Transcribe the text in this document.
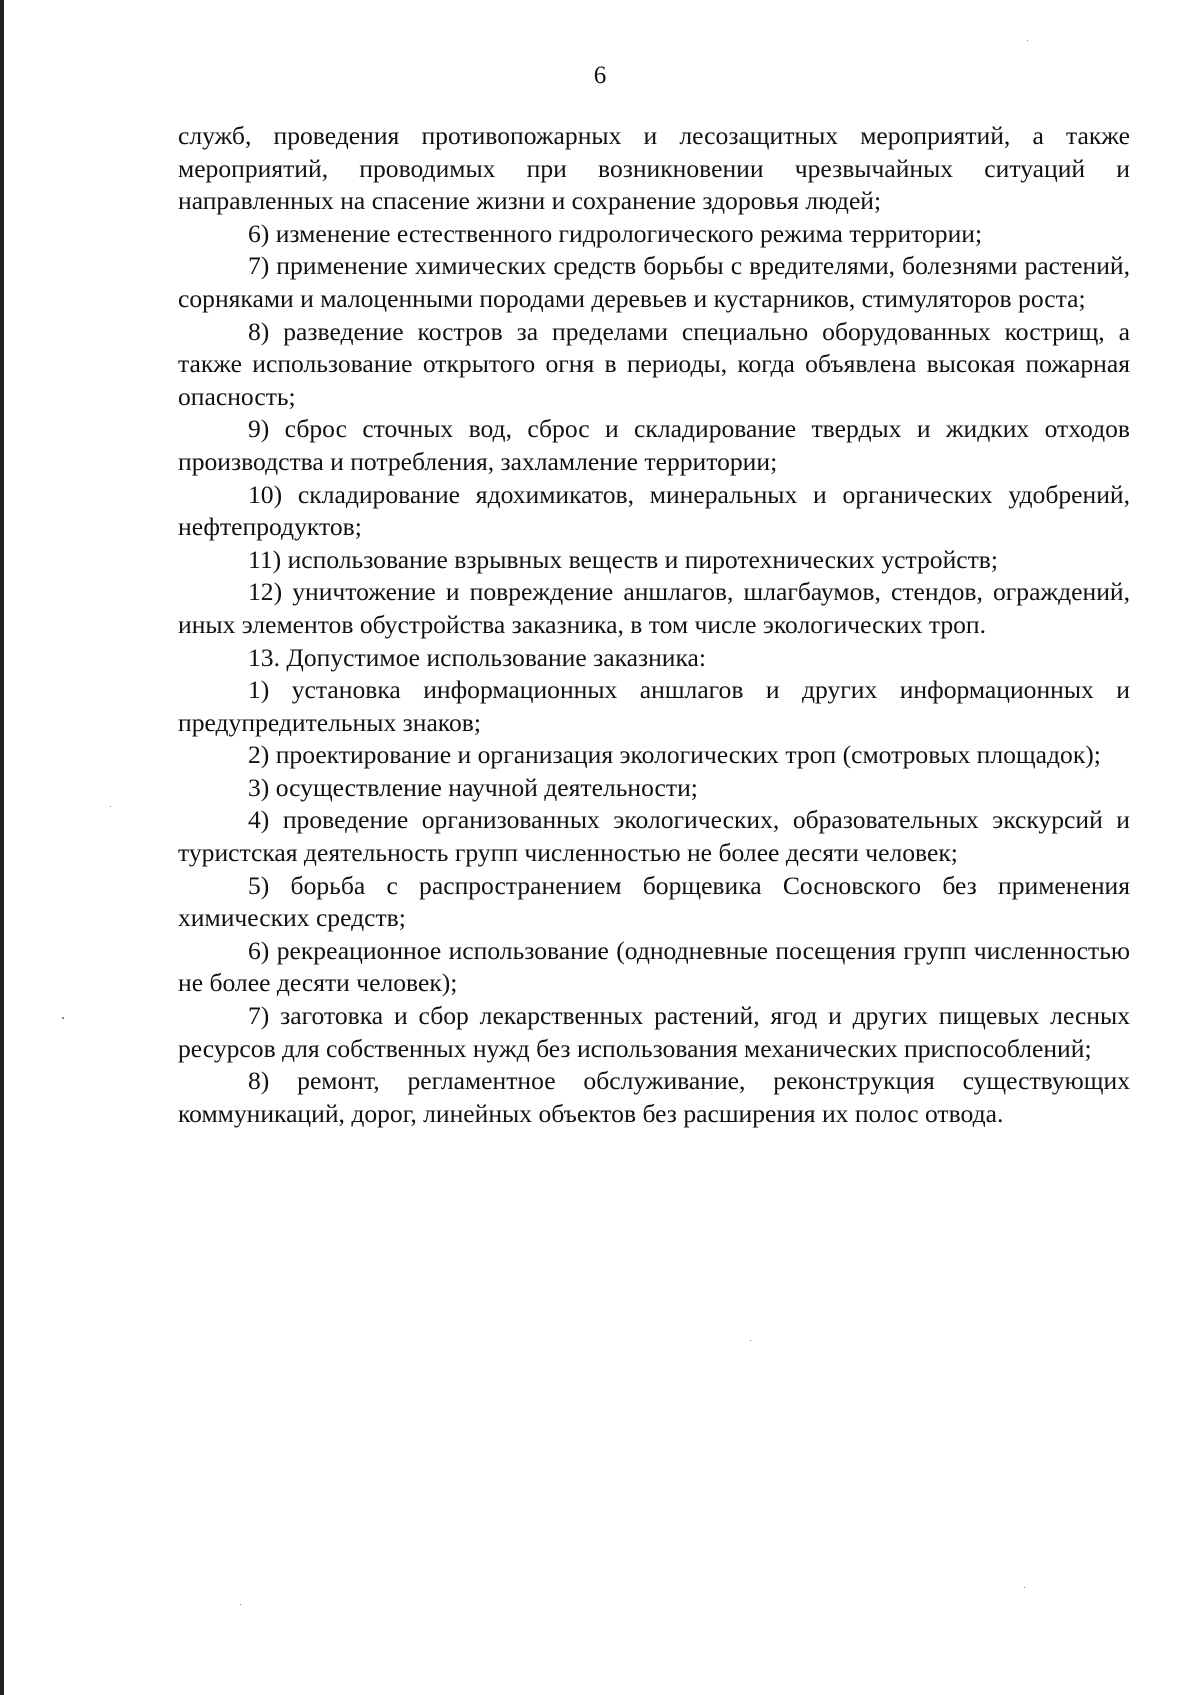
6

служб, проведения противопожарных и лесозащитных мероприятий, а также мероприятий, проводимых при возникновении чрезвычайных ситуаций и направленных на спасение жизни и сохранение здоровья людей;

6) изменение естественного гидрологического режима территории;

7) применение химических средств борьбы с вредителями, болезнями растений, сорняками и малоценными породами деревьев и кустарников, стимуляторов роста;

8) разведение костров за пределами специально оборудованных кострищ, а также использование открытого огня в периоды, когда объявлена высокая пожарная опасность;

9) сброс сточных вод, сброс и складирование твердых и жидких отходов производства и потребления, захламление территории;

10) складирование ядохимикатов, минеральных и органических удобрений, нефтепродуктов;

11) использование взрывных веществ и пиротехнических устройств;

12) уничтожение и повреждение аншлагов, шлагбаумов, стендов, ограждений, иных элементов обустройства заказника, в том числе экологических троп.

13. Допустимое использование заказника:

1) установка информационных аншлагов и других информационных и предупредительных знаков;

2) проектирование и организация экологических троп (смотровых площадок);

3) осуществление научной деятельности;

4) проведение организованных экологических, образовательных экскурсий и туристская деятельность групп численностью не более десяти человек;

5) борьба с распространением борщевика Сосновского без применения химических средств;

6) рекреационное использование (однодневные посещения групп численностью не более десяти человек);

7) заготовка и сбор лекарственных растений, ягод и других пищевых лесных ресурсов для собственных нужд без использования механических приспособлений;

8) ремонт, регламентное обслуживание, реконструкция существующих коммуникаций, дорог, линейных объектов без расширения их полос отвода.
